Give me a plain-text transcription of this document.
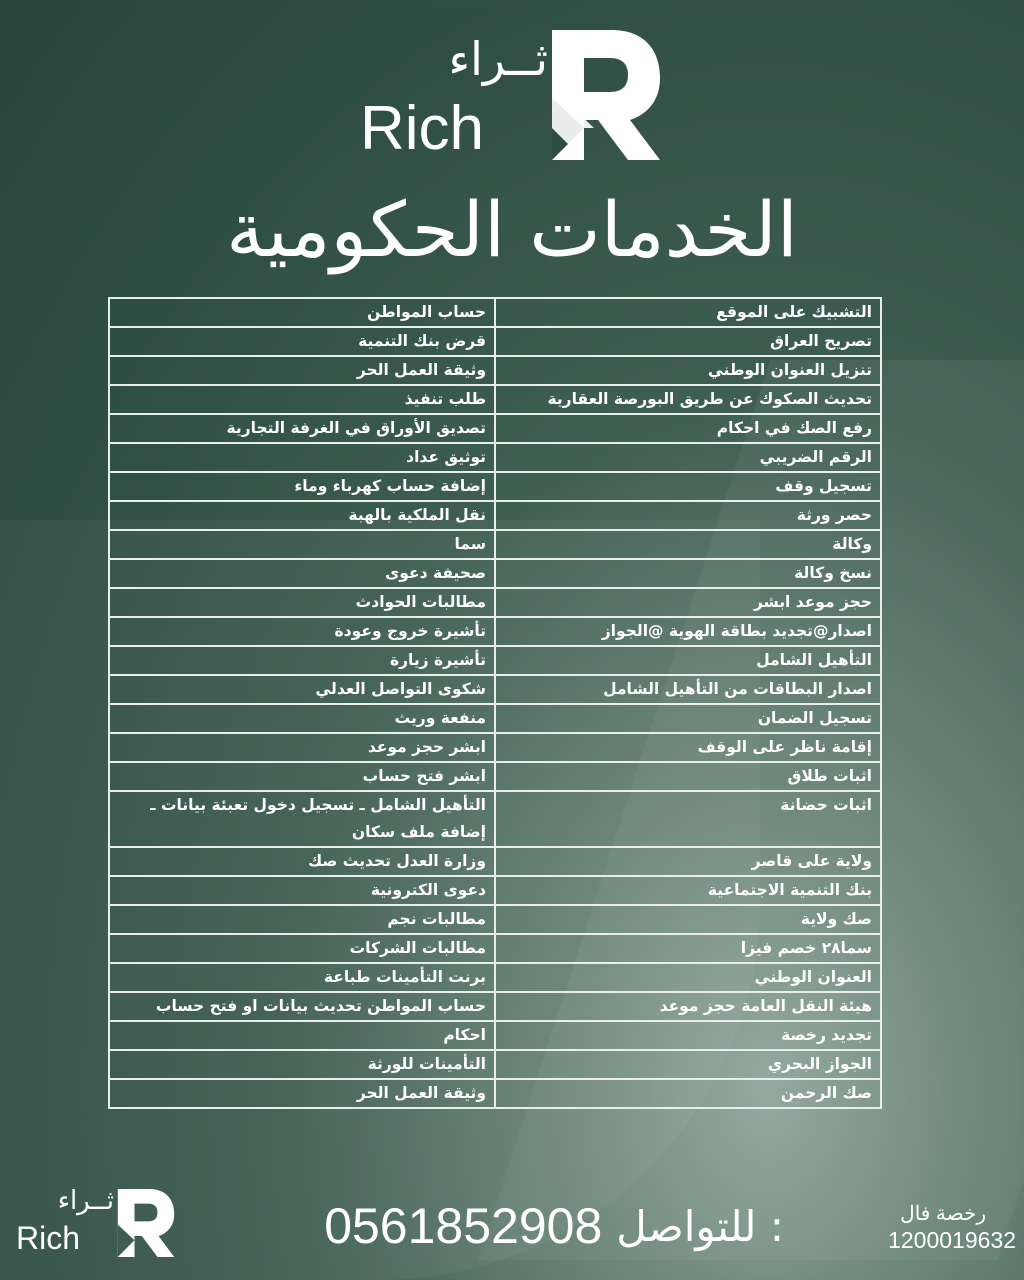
ثــراء
Rich
الخدمات الحكومية
التشبيك على الموقع	حساب المواطن
تصريح العراق	قرض بنك التنمية
تنزيل العنوان الوطني	وثيقة العمل الحر
تحديث الصكوك عن طريق البورصة العقارية	طلب تنفيذ
رفع الصك في احكام	تصديق الأوراق في الغرفة التجارية
الرقم الضريبي	توثيق عداد
تسجيل وقف	إضافة حساب كهرباء وماء
حصر ورثة	نقل الملكية بالهبة
وكالة	سما
نسخ وكالة	صحيفة دعوى
حجز موعد ابشر	مطالبات الحوادث
اصدار@تجديد بطاقة الهوية @الجواز	تأشيرة خروج وعودة
التأهيل الشامل	تأشيرة زيارة
اصدار البطاقات من التأهيل الشامل	شكوى التواصل العدلي
تسجيل الضمان	منفعة وريث
إقامة ناظر على الوقف	ابشر حجز موعد
اثبات طلاق	ابشر فتح حساب
اثبات حضانة	التأهيل الشامل ـ تسجيل دخول تعبئة بيانات ـ إضافة ملف سكان
ولاية على قاصر	وزارة العدل تحديث صك
بنك التنمية الاجتماعية	دعوى الكترونية
صك ولاية	مطالبات نجم
سما٢٨ خصم فيزا	مطالبات الشركات
العنوان الوطني	برنت التأمينات طباعة
هيئة النقل العامة حجز موعد	حساب المواطن تحديث بيانات او فتح حساب
تجديد رخصة	احكام
الجواز البحري	التأمينات للورثة
صك الرحمن	وثيقة العمل الحر
ثــراء
Rich	للتواصل :
0561852908	رخصة فال
1200019632
